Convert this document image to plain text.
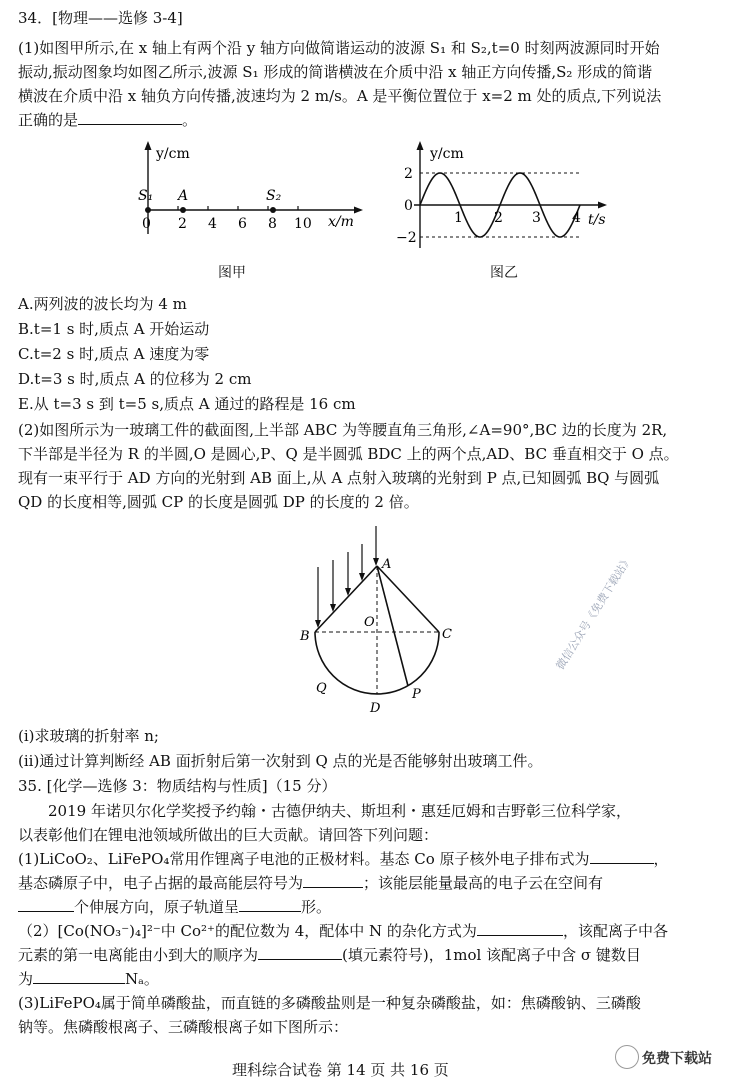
34．[物理——选修 3-4]
(1)如图甲所示,在 x 轴上有两个沿 y 轴方向做简谐运动的波源 S₁ 和 S₂,t=0 时刻两波源同时开始
振动,振动图象均如图乙所示,波源 S₁ 形成的简谐横波在介质中沿 x 轴正方向传播,S₂ 形成的简谐
横波在介质中沿 x 轴负方向传播,波速均为 2 m/s。A 是平衡位置位于 x=2 m 处的质点,下列说法
正确的是	。
y/cm
x/m
S₁ A	S₂
0 2 4 6 8 10
图甲
y/cm
t/s
2
0
−2
1 2 3 4
图乙
A.两列波的波长均为 4 m
B.t=1 s 时,质点 A 开始运动
C.t=2 s 时,质点 A 速度为零
D.t=3 s 时,质点 A 的位移为 2 cm
E.从 t=3 s 到 t=5 s,质点 A 通过的路程是 16 cm
(2)如图所示为一玻璃工件的截面图,上半部 ABC 为等腰直角三角形,∠A=90°,BC 边的长度为 2R,
下半部是半径为 R 的半圆,O 是圆心,P、Q 是半圆弧 BDC 上的两个点,AD、BC 垂直相交于 O 点。
现有一束平行于 AD 方向的光射到 AB 面上,从 A 点射入玻璃的光射到 P 点,已知圆弧 BQ 与圆弧
QD 的长度相等,圆弧 CP 的长度是圆弧 DP 的长度的 2 倍。
A
B
O
C
Q
D
P
微信公众号《免费下载站》
(i)求玻璃的折射率 n;
(ii)通过计算判断经 AB 面折射后第一次射到 Q 点的光是否能够射出玻璃工件。
35. [化学—选修 3：物质结构与性质]（15 分）
2019 年诺贝尔化学奖授予约翰・古德伊纳夫、斯坦利・惠廷厄姆和吉野彰三位科学家，
以表彰他们在锂电池领域所做出的巨大贡献。请回答下列问题：
(1)LiCoO₂、LiFePO₄常用作锂离子电池的正极材料。基态 Co 原子核外电子排布式为	，
基态磷原子中，电子占据的最高能层符号为	；该能层能量最高的电子云在空间有
个伸展方向，原子轨道呈	形。
（2）[Co(NO₃⁻)₄]²⁻中 Co²⁺的配位数为 4，配体中 N 的杂化方式为	，该配离子中各
元素的第一电离能由小到大的顺序为	(填元素符号)，1mol 该配离子中含 σ 键数目
为	Nₐ。
(3)LiFePO₄属于简单磷酸盐，而直链的多磷酸盐则是一种复杂磷酸盐，如：焦磷酸钠、三磷酸
钠等。焦磷酸根离子、三磷酸根离子如下图所示：
理科综合试卷 第 14 页 共 16 页
免费下载站
